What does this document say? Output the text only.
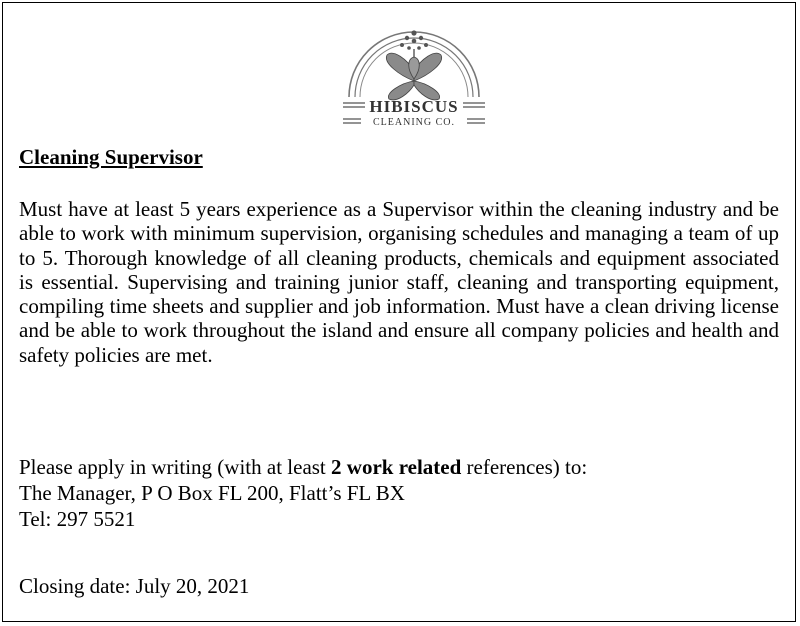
HIBISCUS
CLEANING CO.
Cleaning Supervisor
Must have at least 5 years experience as a Supervisor within the cleaning industry and be able to work with minimum supervision, organising schedules and managing a team of up to 5. Thorough knowledge of all cleaning products, chemicals and equipment associated is essential. Supervising and training junior staff, cleaning and transporting equipment, compiling time sheets and supplier and job information. Must have a clean driving license and be able to work throughout the island and ensure all company policies and health and safety policies are met.
Please apply in writing (with at least 2 work related references) to:
The Manager, P O Box FL 200, Flatt’s FL BX
Tel: 297 5521
Closing date: July 20, 2021
